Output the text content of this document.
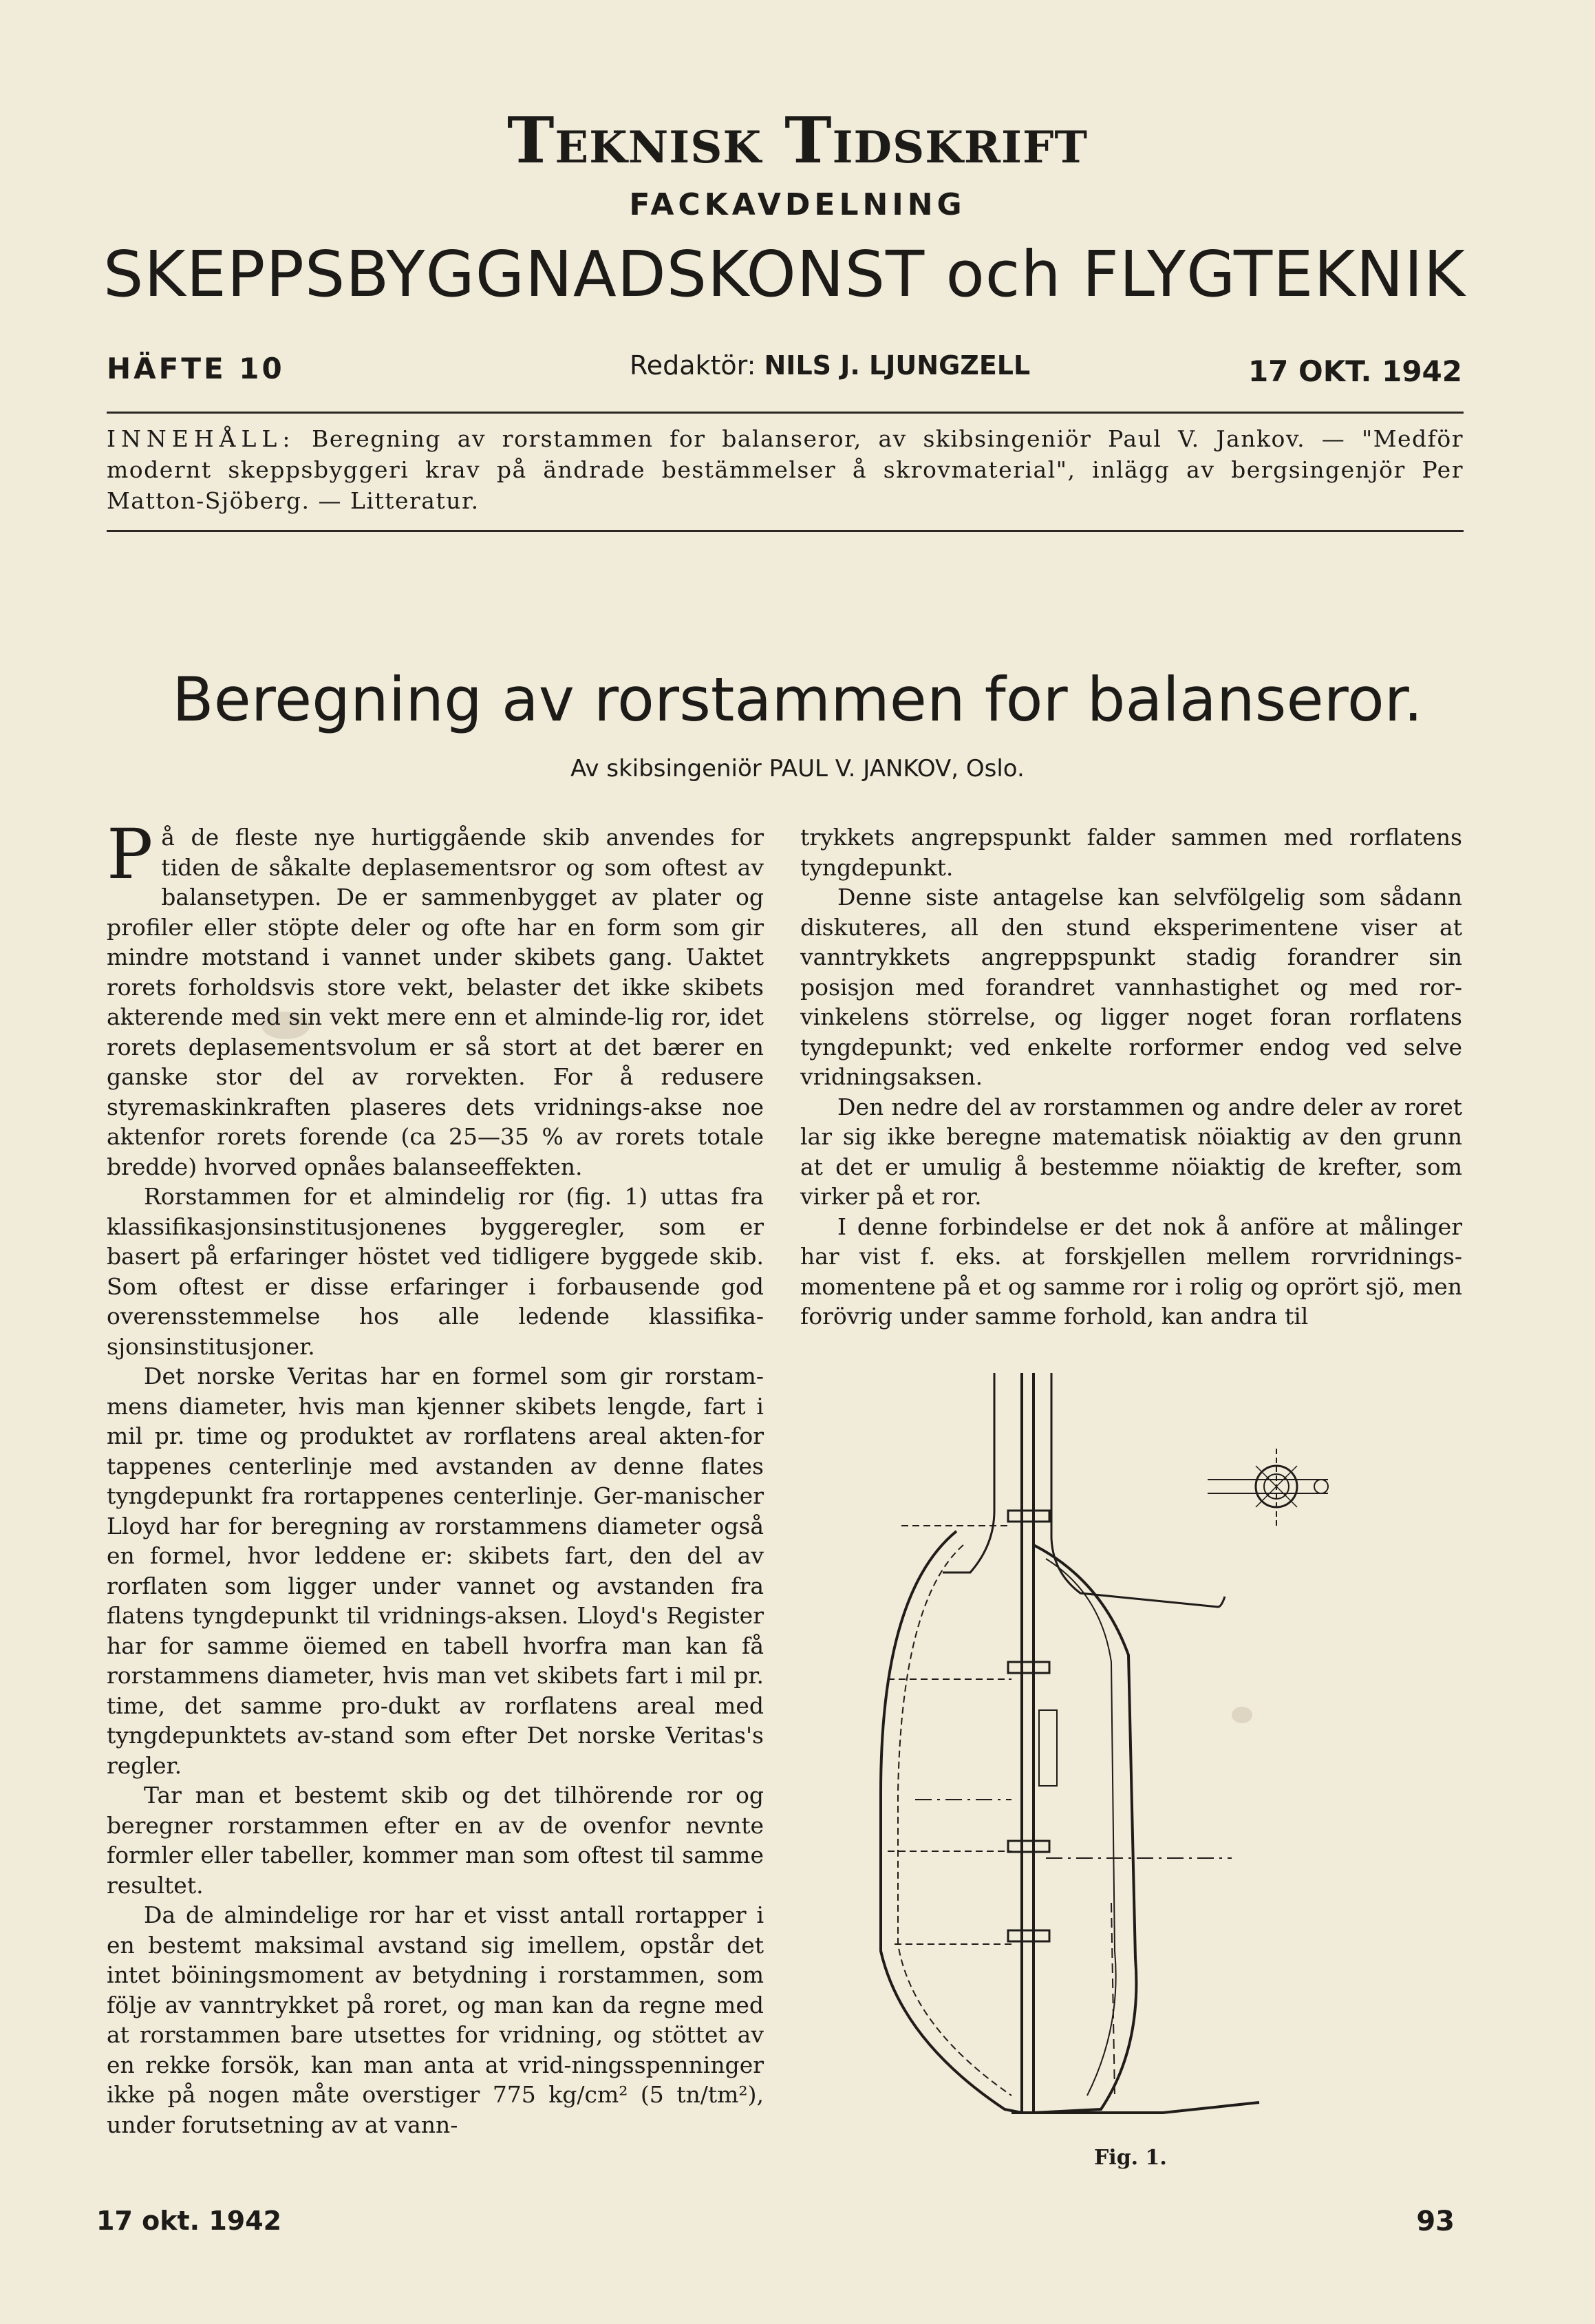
Teknisk Tidskrift
FACKAVDELNING
SKEPPSBYGGNADSKONST och FLYGTEKNIK
HÄFTE 10	Redaktör: NILS J. LJUNGZELL	17 OKT. 1942
INNEHÅLL: Beregning av rorstammen for balanseror, av skibsingeniör Paul V. Jankov. — "Medför modernt skeppsbyggeri krav på ändrade bestämmelser å skrovmaterial", inlägg av bergsingenjör Per Matton-Sjöberg. — Litteratur.
Beregning av rorstammen for balanseror.
Av skibsingeniör PAUL V. JANKOV, Oslo.

På de fleste nye hurtiggående skib anvendes for tiden de såkalte deplasementsror og som oftest av balansetypen. De er sammenbygget av plater og profiler eller stöpte deler og ofte har en form som gir mindre motstand i vannet under skibets gang. Uaktet rorets forholdsvis store vekt, belaster det ikke skibets akterende med sin vekt mere enn et alminde-lig ror, idet rorets deplasementsvolum er så stort at det bærer en ganske stor del av rorvekten. For å redusere styremaskinkraften plaseres dets vridnings-akse noe aktenfor rorets forende (ca 25—35 % av rorets totale bredde) hvorved opnåes balanseeffekten.

Rorstammen for et almindelig ror (fig. 1) uttas fra klassifikasjonsinstitusjonenes byggeregler, som er basert på erfaringer höstet ved tidligere byggede skib. Som oftest er disse erfaringer i forbausende god overensstemmelse hos alle ledende klassifika-sjonsinstitusjoner.

Det norske Veritas har en formel som gir rorstam-mens diameter, hvis man kjenner skibets lengde, fart i mil pr. time og produktet av rorflatens areal akten-for tappenes centerlinje med avstanden av denne flates tyngdepunkt fra rortappenes centerlinje. Ger-manischer Lloyd har for beregning av rorstammens diameter også en formel, hvor leddene er: skibets fart, den del av rorflaten som ligger under vannet og avstanden fra flatens tyngdepunkt til vridnings-aksen. Lloyd's Register har for samme öiemed en tabell hvorfra man kan få rorstammens diameter, hvis man vet skibets fart i mil pr. time, det samme pro-dukt av rorflatens areal med tyngdepunktets av-stand som efter Det norske Veritas's regler.

Tar man et bestemt skib og det tilhörende ror og beregner rorstammen efter en av de ovenfor nevnte formler eller tabeller, kommer man som oftest til samme resultet.

Da de almindelige ror har et visst antall rortapper i en bestemt maksimal avstand sig imellem, opstår det intet böiningsmoment av betydning i rorstammen, som följe av vanntrykket på roret, og man kan da regne med at rorstammen bare utsettes for vridning, og stöttet av en rekke forsök, kan man anta at vrid-ningsspenninger ikke på nogen måte overstiger 775 kg/cm² (5 tn/tm²), under forutsetning av at vann-

trykkets angrepspunkt falder sammen med rorflatens tyngdepunkt.

Denne siste antagelse kan selvfölgelig som sådann diskuteres, all den stund eksperimentene viser at vanntrykkets angreppspunkt stadig forandrer sin posisjon med forandret vannhastighet og med ror-vinkelens störrelse, og ligger noget foran rorflatens tyngdepunkt; ved enkelte rorformer endog ved selve vridningsaksen.

Den nedre del av rorstammen og andre deler av roret lar sig ikke beregne matematisk nöiaktig av den grunn at det er umulig å bestemme nöiaktig de krefter, som virker på et ror.

I denne forbindelse er det nok å anföre at målinger har vist f. eks. at forskjellen mellem rorvridnings-momentene på et og samme ror i rolig og oprört sjö, men forövrig under samme forhold, kan andra til

Fig. 1.
17 okt. 1942	93
